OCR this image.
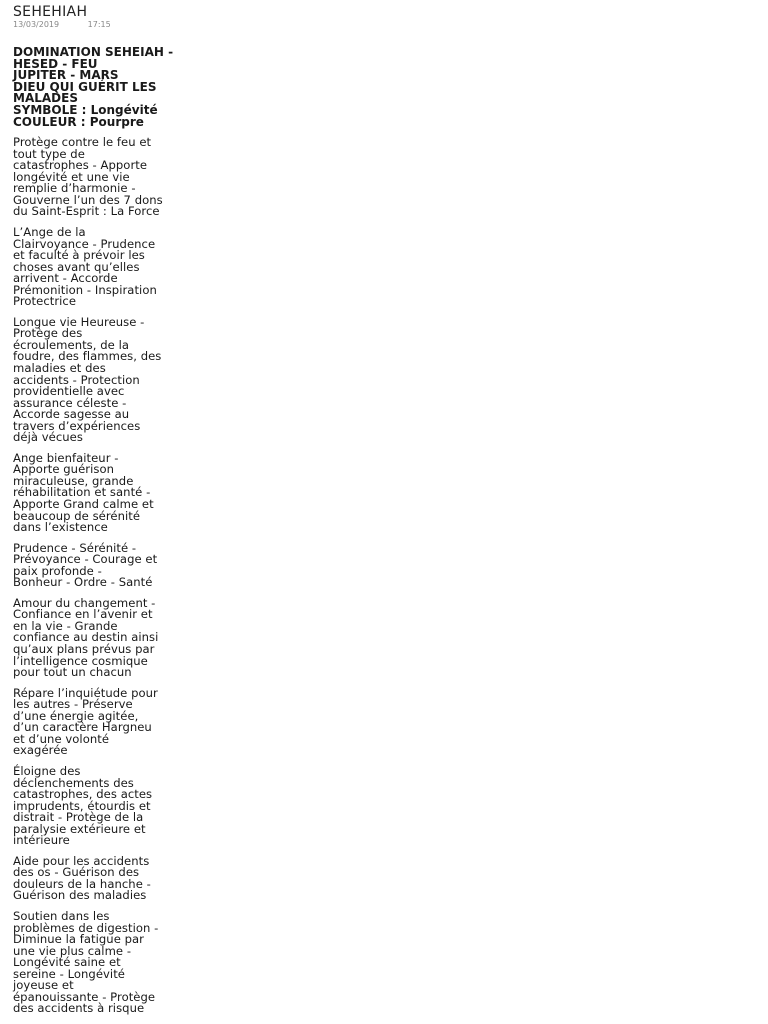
SEHEHIAH
13/03/2019	17:15
DOMINATION SEHEIAH -
HESED - FEU
JUPITER - MARS
DIEU QUI GUÉRIT LES
MALADES
SYMBOLE : Longévité
COULEUR : Pourpre

Protège contre le feu et
tout type de
catastrophes - Apporte
longévité et une vie
remplie d’harmonie -
Gouverne l’un des 7 dons
du Saint-Esprit : La Force

L’Ange de la
Clairvoyance - Prudence
et faculté à prévoir les
choses avant qu’elles
arrivent - Accorde
Prémonition - Inspiration
Protectrice

Longue vie Heureuse -
Protège des
écroulements, de la
foudre, des flammes, des
maladies et des
accidents - Protection
providentielle avec
assurance céleste -
Accorde sagesse au
travers d’expériences
déjà vécues

Ange bienfaiteur -
Apporte guérison
miraculeuse, grande
réhabilitation et santé -
Apporte Grand calme et
beaucoup de sérénité
dans l’existence

Prudence - Sérénité -
Prévoyance - Courage et
paix profonde -
Bonheur - Ordre - Santé

Amour du changement -
Confiance en l’avenir et
en la vie - Grande
confiance au destin ainsi
qu’aux plans prévus par
l’intelligence cosmique
pour tout un chacun

Répare l’inquiétude pour
les autres - Préserve
d’une énergie agitée,
d’un caractère Hargneu
et d’une volonté
exagérée

Éloigne des
déclenchements des
catastrophes, des actes
imprudents, étourdis et
distrait - Protège de la
paralysie extérieure et
intérieure

Aide pour les accidents
des os - Guérison des
douleurs de la hanche -
Guérison des maladies

Soutien dans les
problèmes de digestion -
Diminue la fatigue par
une vie plus calme -
Longévité saine et
sereine - Longévité
joyeuse et
épanouissante - Protège
des accidents à risque
